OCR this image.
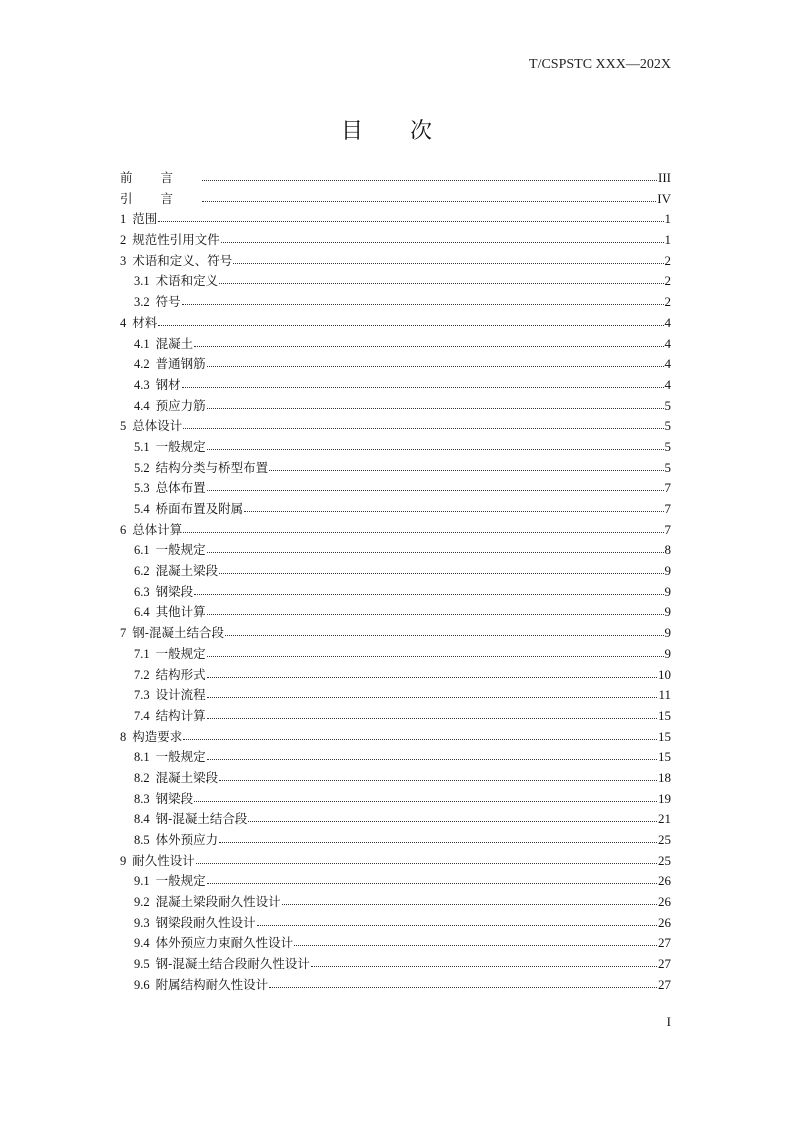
T/CSPSTC XXX—202X
目 次
前言	III
引言	IV
1 范围	1
2 规范性引用文件	1
3 术语和定义、符号	2
3.1 术语和定义	2
3.2 符号	2
4 材料	4
4.1 混凝土	4
4.2 普通钢筋	4
4.3 钢材	4
4.4 预应力筋	5
5 总体设计	5
5.1 一般规定	5
5.2 结构分类与桥型布置	5
5.3 总体布置	7
5.4 桥面布置及附属	7
6 总体计算	7
6.1 一般规定	8
6.2 混凝土梁段	9
6.3 钢梁段	9
6.4 其他计算	9
7 钢-混凝土结合段	9
7.1 一般规定	9
7.2 结构形式	10
7.3 设计流程	11
7.4 结构计算	15
8 构造要求	15
8.1 一般规定	15
8.2 混凝土梁段	18
8.3 钢梁段	19
8.4 钢-混凝土结合段	21
8.5 体外预应力	25
9 耐久性设计	25
9.1 一般规定	26
9.2 混凝土梁段耐久性设计	26
9.3 钢梁段耐久性设计	26
9.4 体外预应力束耐久性设计	27
9.5 钢-混凝土结合段耐久性设计	27
9.6 附属结构耐久性设计	27
I
